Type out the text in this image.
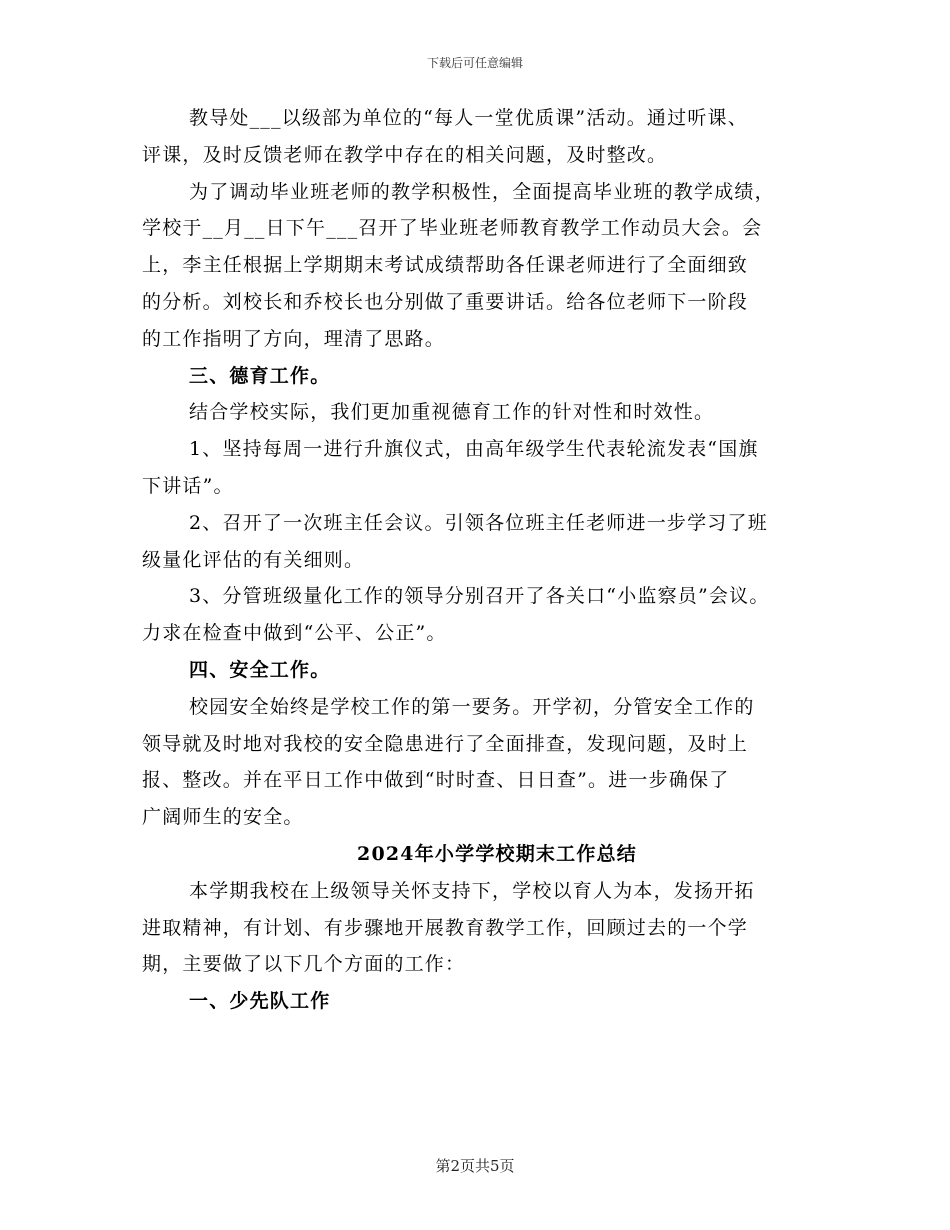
下载后可任意编辑
教导处___以级部为单位的“每人一堂优质课”活动。通过听课、
评课，及时反馈老师在教学中存在的相关问题，及时整改。
为了调动毕业班老师的教学积极性，全面提高毕业班的教学成绩，
学校于__月__日下午___召开了毕业班老师教育教学工作动员大会。会
上，李主任根据上学期期末考试成绩帮助各任课老师进行了全面细致
的分析。刘校长和乔校长也分别做了重要讲话。给各位老师下一阶段
的工作指明了方向，理清了思路。
三、德育工作。
结合学校实际，我们更加重视德育工作的针对性和时效性。
1、坚持每周一进行升旗仪式，由高年级学生代表轮流发表“国旗
下讲话”。
2、召开了一次班主任会议。引领各位班主任老师进一步学习了班
级量化评估的有关细则。
3、分管班级量化工作的领导分别召开了各关口“小监察员”会议。
力求在检查中做到“公平、公正”。
四、安全工作。
校园安全始终是学校工作的第一要务。开学初，分管安全工作的
领导就及时地对我校的安全隐患进行了全面排查，发现问题，及时上
报、整改。并在平日工作中做到“时时查、日日查”。进一步确保了
广阔师生的安全。
2024年小学学校期末工作总结
本学期我校在上级领导关怀支持下，学校以育人为本，发扬开拓
进取精神，有计划、有步骤地开展教育教学工作，回顾过去的一个学
期，主要做了以下几个方面的工作：
一、少先队工作
第2页共5页
